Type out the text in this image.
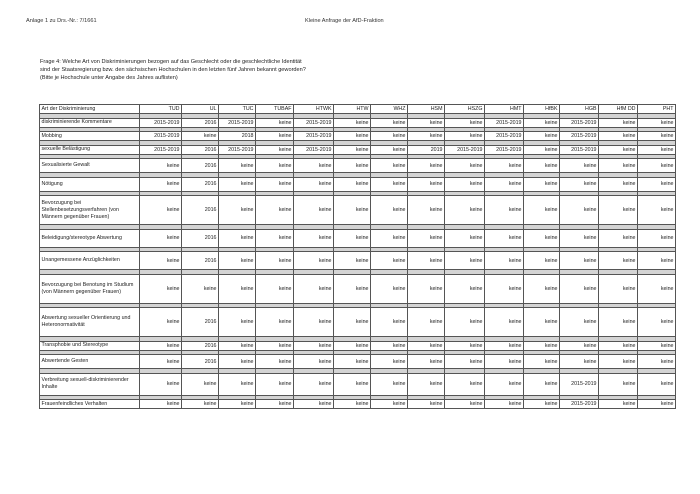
Anlage 1 zu Drs.-Nr.: 7/1661	Kleine Anfrage der AfD-Fraktion
Frage 4: Welche Art von Diskriminierungen bezogen auf das Geschlecht oder die geschlechtliche Identität
sind der Staatsregierung bzw. den sächsischen Hochschulen in den letzten fünf Jahren bekannt geworden?
(Bitte je Hochschule unter Angabe des Jahres auflisten)
Art der Diskriminierung	TUD	UL	TUC	TUBAF	HTWK	HTW	WHZ	HSM	HSZG	HMT	HfBK	HGB	HfM DD	PHT

diskriminierende Kommentare	2015-2019	2016	2015-2019	keine	2015-2019	keine	keine	keine	keine	2015-2019	keine	2015-2019	keine	keine

Mobbing	2015-2019	keine	2018	keine	2015-2019	keine	keine	keine	keine	2015-2019	keine	2015-2019	keine	keine

sexuelle Belästigung	2015-2019	2016	2015-2019	keine	2015-2019	keine	keine	2019	2015-2019	2015-2019	keine	2015-2019	keine	keine

Sexualisierte Gewalt	keine	2016	keine	keine	keine	keine	keine	keine	keine	keine	keine	keine	keine	keine

Nötigung	keine	2016	keine	keine	keine	keine	keine	keine	keine	keine	keine	keine	keine	keine

Bevorzugung bei Stellenbesetzungsverfahren (von Männern gegenüber Frauen)	keine	2016	keine	keine	keine	keine	keine	keine	keine	keine	keine	keine	keine	keine

Beleidigung/stereotype Abwertung	keine	2016	keine	keine	keine	keine	keine	keine	keine	keine	keine	keine	keine	keine

Unangemessene Anzüglichkeiten	keine	2016	keine	keine	keine	keine	keine	keine	keine	keine	keine	keine	keine	keine

Bevorzugung bei Benotung im Studium (von Männern gegenüber Frauen)	keine	keine	keine	keine	keine	keine	keine	keine	keine	keine	keine	keine	keine	keine

Abwertung sexueller Orientierung und Heteronormativität	keine	2016	keine	keine	keine	keine	keine	keine	keine	keine	keine	keine	keine	keine

Transphobie und Stereotype	keine	2016	keine	keine	keine	keine	keine	keine	keine	keine	keine	keine	keine	keine

Abwertende Gesten	keine	2016	keine	keine	keine	keine	keine	keine	keine	keine	keine	keine	keine	keine

Verbreitung sexuell-diskriminierender Inhalte	keine	keine	keine	keine	keine	keine	keine	keine	keine	keine	keine	2015-2019	keine	keine

Frauenfeindliches Verhalten	keine	keine	keine	keine	keine	keine	keine	keine	keine	keine	keine	2015-2019	keine	keine
